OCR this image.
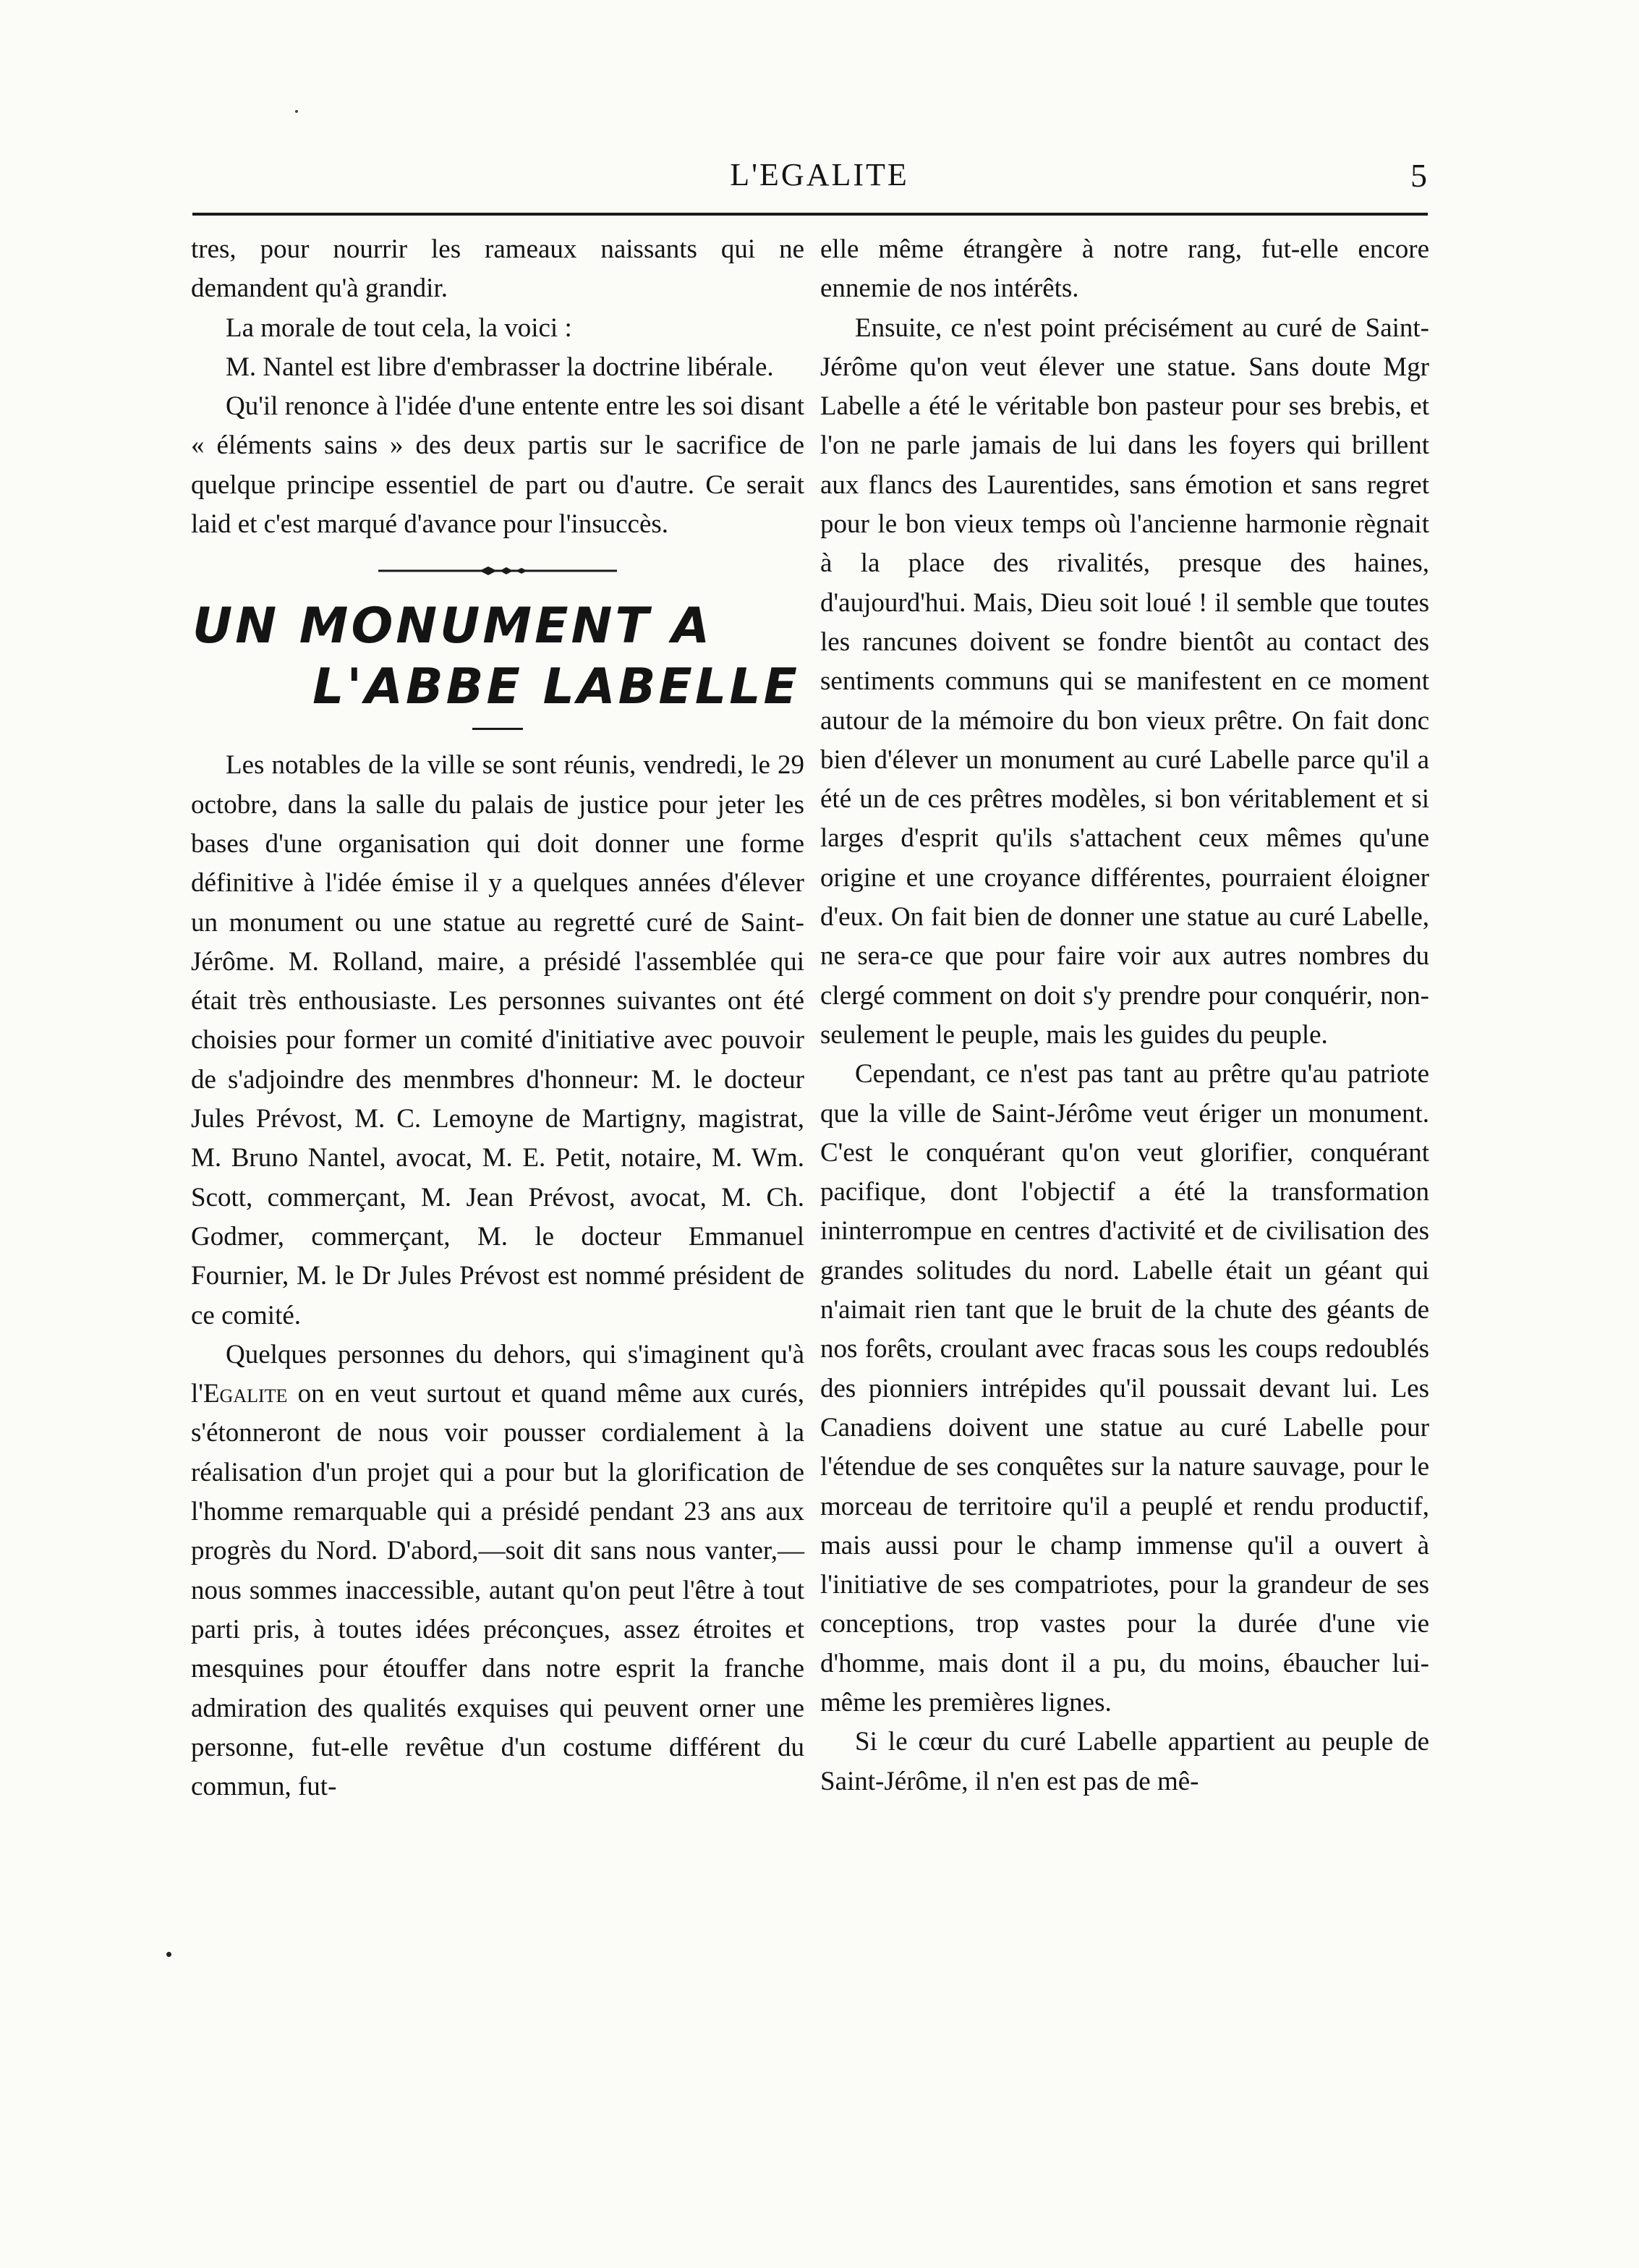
L'EGALITE	5

tres, pour nourrir les rameaux naissants qui ne demandent qu'à grandir.

La morale de tout cela, la voici :

M. Nantel est libre d'embrasser la doctrine libérale.

Qu'il renonce à l'idée d'une entente entre les soi disant « éléments sains » des deux partis sur le sacrifice de quelque principe essentiel de part ou d'autre. Ce serait laid et c'est marqué d'avance pour l'insuccès.

UN MONUMENT A
L'ABBE LABELLE

Les notables de la ville se sont réunis, vendredi, le 29 octobre, dans la salle du palais de justice pour jeter les bases d'une organisation qui doit donner une forme définitive à l'idée émise il y a quelques années d'élever un monument ou une statue au regretté curé de Saint-Jérôme. M. Rolland, maire, a présidé l'assemblée qui était très enthousiaste. Les personnes suivantes ont été choisies pour former un comité d'initiative avec pouvoir de s'adjoindre des menmbres d'honneur: M. le docteur Jules Prévost, M. C. Lemoyne de Martigny, magistrat, M. Bruno Nantel, avocat, M. E. Petit, notaire, M. Wm. Scott, commerçant, M. Jean Prévost, avocat, M. Ch. Godmer, commerçant, M. le docteur Emmanuel Fournier, M. le Dr Jules Prévost est nommé président de ce comité.

Quelques personnes du dehors, qui s'imaginent qu'à l'Egalite on en veut surtout et quand même aux curés, s'étonneront de nous voir pousser cordialement à la réalisation d'un projet qui a pour but la glorification de l'homme remarquable qui a présidé pendant 23 ans aux progrès du Nord. D'abord,—soit dit sans nous vanter,—nous sommes inaccessible, autant qu'on peut l'être à tout parti pris, à toutes idées préconçues, assez étroites et mesquines pour étouffer dans notre esprit la franche admiration des qualités exquises qui peuvent orner une personne, fut-elle revêtue d'un costume différent du commun, fut-

elle même étrangère à notre rang, fut-elle encore ennemie de nos intérêts.

Ensuite, ce n'est point précisément au curé de Saint-Jérôme qu'on veut élever une statue. Sans doute Mgr Labelle a été le véritable bon pasteur pour ses brebis, et l'on ne parle jamais de lui dans les foyers qui brillent aux flancs des Laurentides, sans émotion et sans regret pour le bon vieux temps où l'ancienne harmonie règnait à la place des rivalités, presque des haines, d'aujourd'hui. Mais, Dieu soit loué ! il semble que toutes les rancunes doivent se fondre bientôt au contact des sentiments communs qui se manifestent en ce moment autour de la mémoire du bon vieux prêtre. On fait donc bien d'élever un monument au curé Labelle parce qu'il a été un de ces prêtres modèles, si bon véritablement et si larges d'esprit qu'ils s'attachent ceux mêmes qu'une origine et une croyance différentes, pourraient éloigner d'eux. On fait bien de donner une statue au curé Labelle, ne sera-ce que pour faire voir aux autres nombres du clergé comment on doit s'y prendre pour conquérir, non-seulement le peuple, mais les guides du peuple.

Cependant, ce n'est pas tant au prêtre qu'au patriote que la ville de Saint-Jérôme veut ériger un monument. C'est le conquérant qu'on veut glorifier, conquérant pacifique, dont l'objectif a été la transformation ininterrompue en centres d'activité et de civilisation des grandes solitudes du nord. Labelle était un géant qui n'aimait rien tant que le bruit de la chute des géants de nos forêts, croulant avec fracas sous les coups redoublés des pionniers intrépides qu'il poussait devant lui. Les Canadiens doivent une statue au curé Labelle pour l'étendue de ses conquêtes sur la nature sauvage, pour le morceau de territoire qu'il a peuplé et rendu productif, mais aussi pour le champ immense qu'il a ouvert à l'initiative de ses compatriotes, pour la grandeur de ses conceptions, trop vastes pour la durée d'une vie d'homme, mais dont il a pu, du moins, ébaucher lui-même les premières lignes.

Si le cœur du curé Labelle appartient au peuple de Saint-Jérôme, il n'en est pas de mê-
